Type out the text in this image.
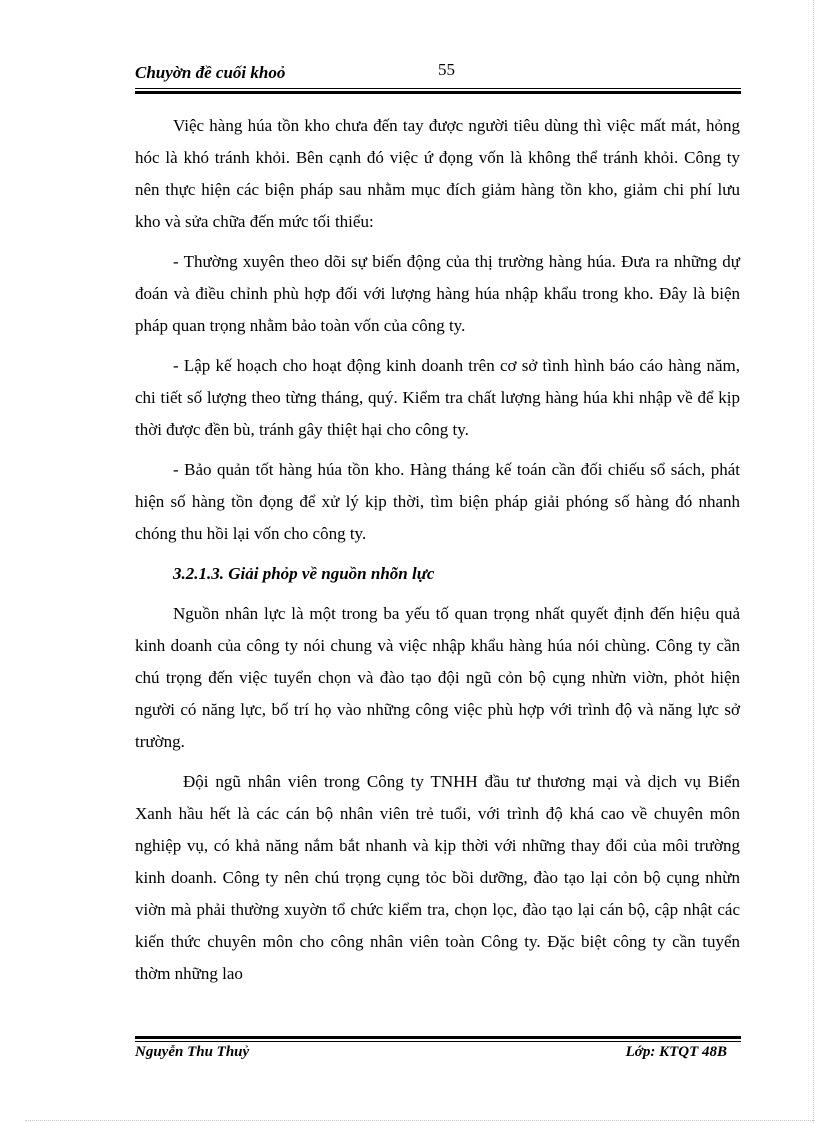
Chuyờn đề cuối khoỏ	55

Việc hàng húa tồn kho chưa đến tay được người tiêu dùng thì việc mất mát, hỏng hóc là khó tránh khỏi. Bên cạnh đó việc ứ đọng vốn là không thể tránh khỏi. Công ty nên thực hiện các biện pháp sau nhằm mục đích giảm hàng tồn kho, giảm chi phí lưu kho và sửa chữa đến mức tối thiểu:

- Thường xuyên theo dõi sự biến động của thị trường hàng húa. Đưa ra những dự đoán và điều chỉnh phù hợp đối với lượng hàng húa nhập khẩu trong kho. Đây là biện pháp quan trọng nhằm bảo toàn vốn của công ty.

- Lập kế hoạch cho hoạt động kinh doanh trên cơ sở tình hình báo cáo hàng năm, chi tiết số lượng theo từng tháng, quý. Kiểm tra chất lượng hàng húa khi nhập về để kịp thời được đền bù, tránh gây thiệt hại cho công ty.

- Bảo quản tốt hàng húa tồn kho. Hàng tháng kế toán cần đối chiếu sổ sách, phát hiện số hàng tồn đọng để xử lý kịp thời, tìm biện pháp giải phóng số hàng đó nhanh chóng thu hồi lại vốn cho công ty.

3.2.1.3. Giải phỏp về nguồn nhõn lực

Nguồn nhân lực là một trong ba yếu tố quan trọng nhất quyết định đến hiệu quả kinh doanh của công ty nói chung và việc nhập khẩu hàng húa nói chùng. Công ty cần chú trọng đến việc tuyển chọn và đào tạo đội ngũ cỏn bộ cụng nhừn viờn, phỏt hiện người có năng lực, bố trí họ vào những công việc phù hợp với trình độ và năng lực sở trường.

Đội ngũ nhân viên trong Công ty TNHH đầu tư thương mại và dịch vụ Biển Xanh hầu hết là các cán bộ nhân viên trẻ tuổi, với trình độ khá cao về chuyên môn nghiệp vụ, có khả năng nắm bắt nhanh và kịp thời với những thay đổi của môi trường kinh doanh. Công ty nên chú trọng cụng tỏc bồi dưỡng, đào tạo lại cỏn bộ cụng nhừn viờn mà phải thường xuyờn tổ chức kiểm tra, chọn lọc, đào tạo lại cán bộ, cập nhật các kiến thức chuyên môn cho công nhân viên toàn Công ty. Đặc biệt công ty cần tuyển thờm những lao

Nguyễn Thu Thuỷ	Lớp: KTQT 48B
